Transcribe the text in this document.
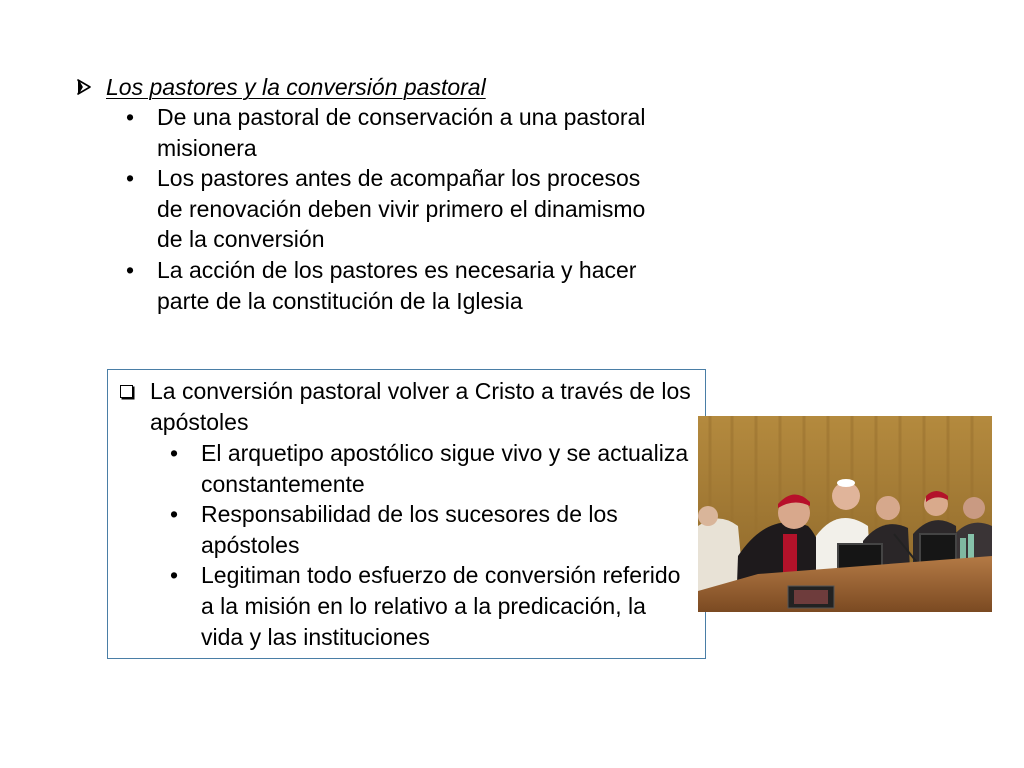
Los pastores y la conversión pastoral
• De una pastoral de conservación a una pastoral misionera
• Los pastores antes de acompañar los procesos de renovación deben vivir primero el dinamismo de la conversión
• La acción de los pastores es necesaria y hacer parte de la constitución de la Iglesia
La conversión pastoral volver a Cristo a través de los apóstoles
• El arquetipo apostólico sigue vivo y se actualiza constantemente
• Responsabilidad de los sucesores de los apóstoles
• Legitiman todo esfuerzo de conversión referido a la misión en lo relativo a la predicación, la vida y las instituciones
